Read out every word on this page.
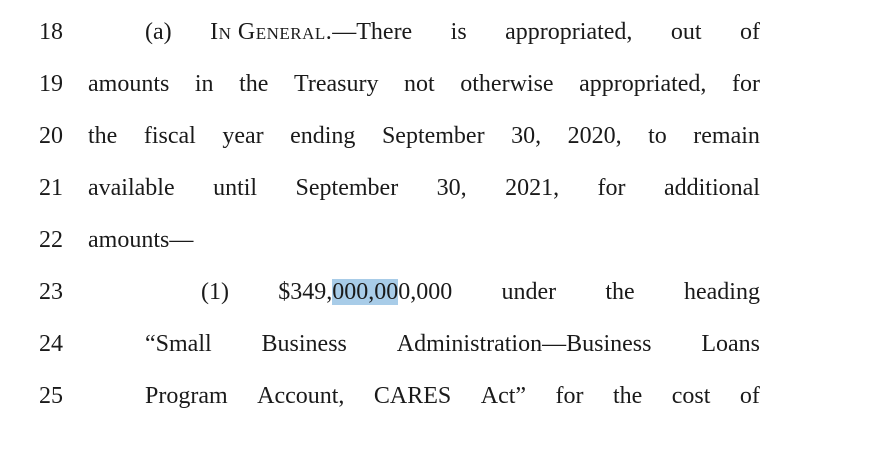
18	(a) In General.—There is appropriated, out of
19 amounts in the Treasury not otherwise appropriated, for
20 the fiscal year ending September 30, 2020, to remain
21 available until September 30, 2021, for additional
22 amounts—
23	(1) $349,000,000,000 under the heading
24	“Small Business Administration—Business Loans
25	Program Account, CARES Act” for the cost of
